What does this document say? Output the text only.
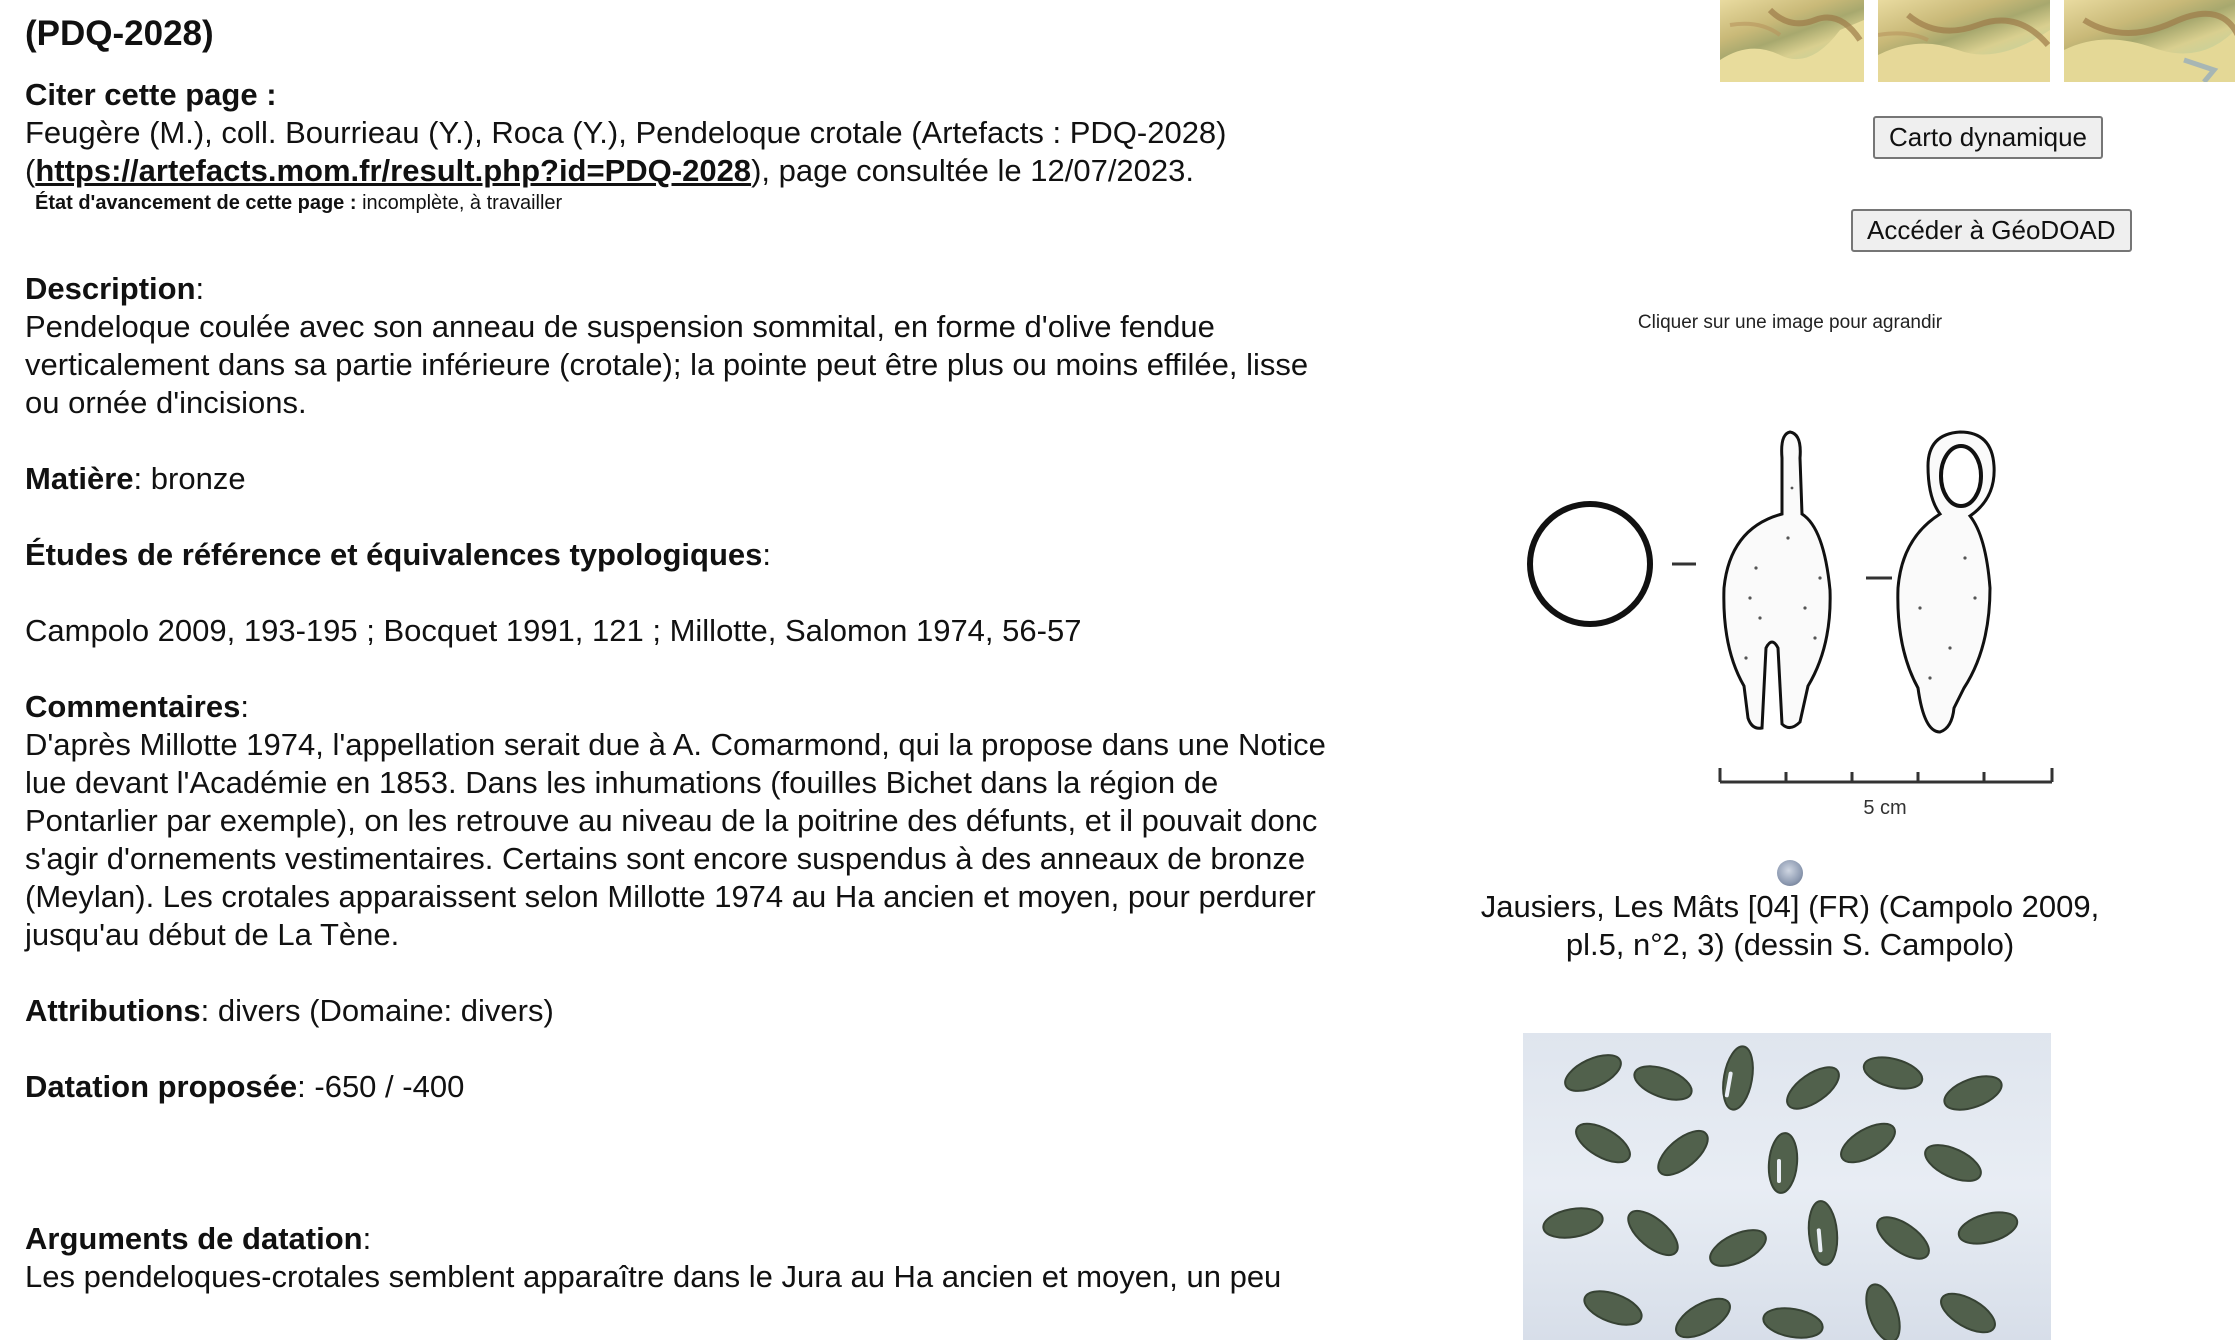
(PDQ-2028)

Citer cette page :

Feugère (M.), coll. Bourrieau (Y.), Roca (Y.), Pendeloque crotale (Artefacts : PDQ-2028)
(https://artefacts.mom.fr/result.php?id=PDQ-2028), page consultée le 12/07/2023.

État d'avancement de cette page : incomplète, à travailler

Description:

Pendeloque coulée avec son anneau de suspension sommital, en forme d'olive fendue verticalement dans sa partie inférieure (crotale); la pointe peut être plus ou moins effilée, lisse ou ornée d'incisions.

Matière: bronze

Études de référence et équivalences typologiques:

Campolo 2009, 193-195 ; Bocquet 1991, 121 ; Millotte, Salomon 1974, 56-57

Commentaires:

D'après Millotte 1974, l'appellation serait due à A. Comarmond, qui la propose dans une Notice lue devant l'Académie en 1853. Dans les inhumations (fouilles Bichet dans la région de Pontarlier par exemple), on les retrouve au niveau de la poitrine des défunts, et il pouvait donc s'agir d'ornements vestimentaires. Certains sont encore suspendus à des anneaux de bronze (Meylan). Les crotales apparaissent selon Millotte 1974 au Ha ancien et moyen, pour perdurer jusqu'au début de La Tène.

Attributions: divers (Domaine: divers)

Datation proposée: -650 / -400

Arguments de datation:

Les pendeloques-crotales semblent apparaître dans le Jura au Ha ancien et moyen, un peu

Carto dynamique
Accéder à GéoDOAD
Cliquer sur une image pour agrandir
5 cm
Jausiers, Les Mâts [04] (FR) (Campolo 2009, pl.5, n°2, 3) (dessin S. Campolo)
